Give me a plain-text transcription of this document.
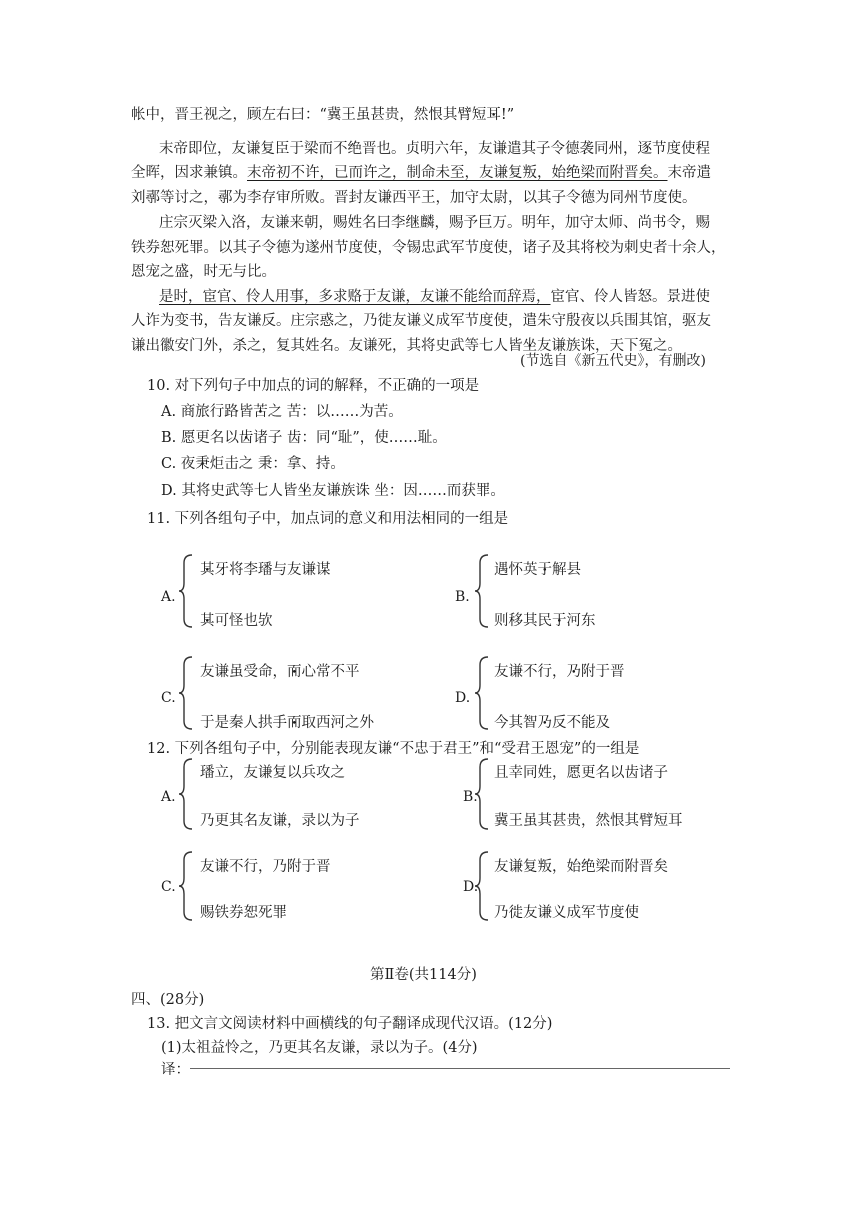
帐中，晋王视之，顾左右曰：“冀王虽甚贵，然恨其臂短耳 •!”
末帝即位，友谦复臣于梁而不绝晋也。贞明六年，友谦遣其子令德袭同州，逐节度使程
全晖，因求兼镇。末帝初不许，已而许之，制命未至，友谦复叛，始绝梁而附晋矣。末帝遣
刘鄩等讨之，鄩为李存审所败。晋封友谦西平王，加守太尉，以其子令德为同州节度使。
庄宗灭梁入洛，友谦来朝，赐姓名曰李继麟，赐予巨万。明年，加守太师、尚书令，赐
铁券恕死罪。以其子令德为遂州节度使，令锡忠武军节度使，诸子及其将校为刺史者十余人，
恩宠之盛，时无与比。
是时，宦官、伶人用事，多求赂于友谦，友谦不能给而辞焉，宦官、伶人皆怒。景进使
人诈为变书，告友谦反。庄宗惑之，乃徙友谦义成军节度使，遣朱守殷夜以兵围其馆，驱友
谦出徽安门外，杀之，复其姓名。友谦死，其将史武等七人皆坐 •友谦族诛，天下冤之。
(节选自《新五代史》，有删改)
10. 对下列句子中加点的词的解释，不正确的一项是
A. 商旅行路皆苦 •之 苦：以……为苦。
B. 愿更名以齿 •诸子 齿：同“耻”，使……耻。
C. 夜秉 •炬击之 秉：拿、持。
D. 其将史武等七人皆坐 •友谦族诛 坐：因……而获罪。
11. 下列各组句子中，加点词的意义和用法相 •同的一组是
A.
其 •牙将李璠与友谦谋
其 •可怪也欤
B.
遇怀英于 •解县
则移其民于 •河东
C.
友谦虽受命，而 •心常不平
于是秦人拱手而 •取西河之外
D.
友谦不行，乃 •附于晋
今其智乃 •反不能及
12. 下列各组句子中，分别能表现友谦“不忠于君王”和“受君王恩宠”的一组是
A.
璠立，友谦复以兵攻之
乃更其名友谦，录以为子
B.
且幸同姓，愿更名以齿诸子
冀王虽其甚贵，然恨其臂短耳
C.
友谦不行，乃附于晋
赐铁券恕死罪
D.
友谦复叛，始绝梁而附晋矣
乃徙友谦义成军节度使
第Ⅱ卷(共114分)
四、(28分)
13. 把文言文阅读材料中画横线的句子翻译成现代汉语。(12分)
(1)太祖益怜之，乃更其名友谦，录以为子。(4分)
译：
